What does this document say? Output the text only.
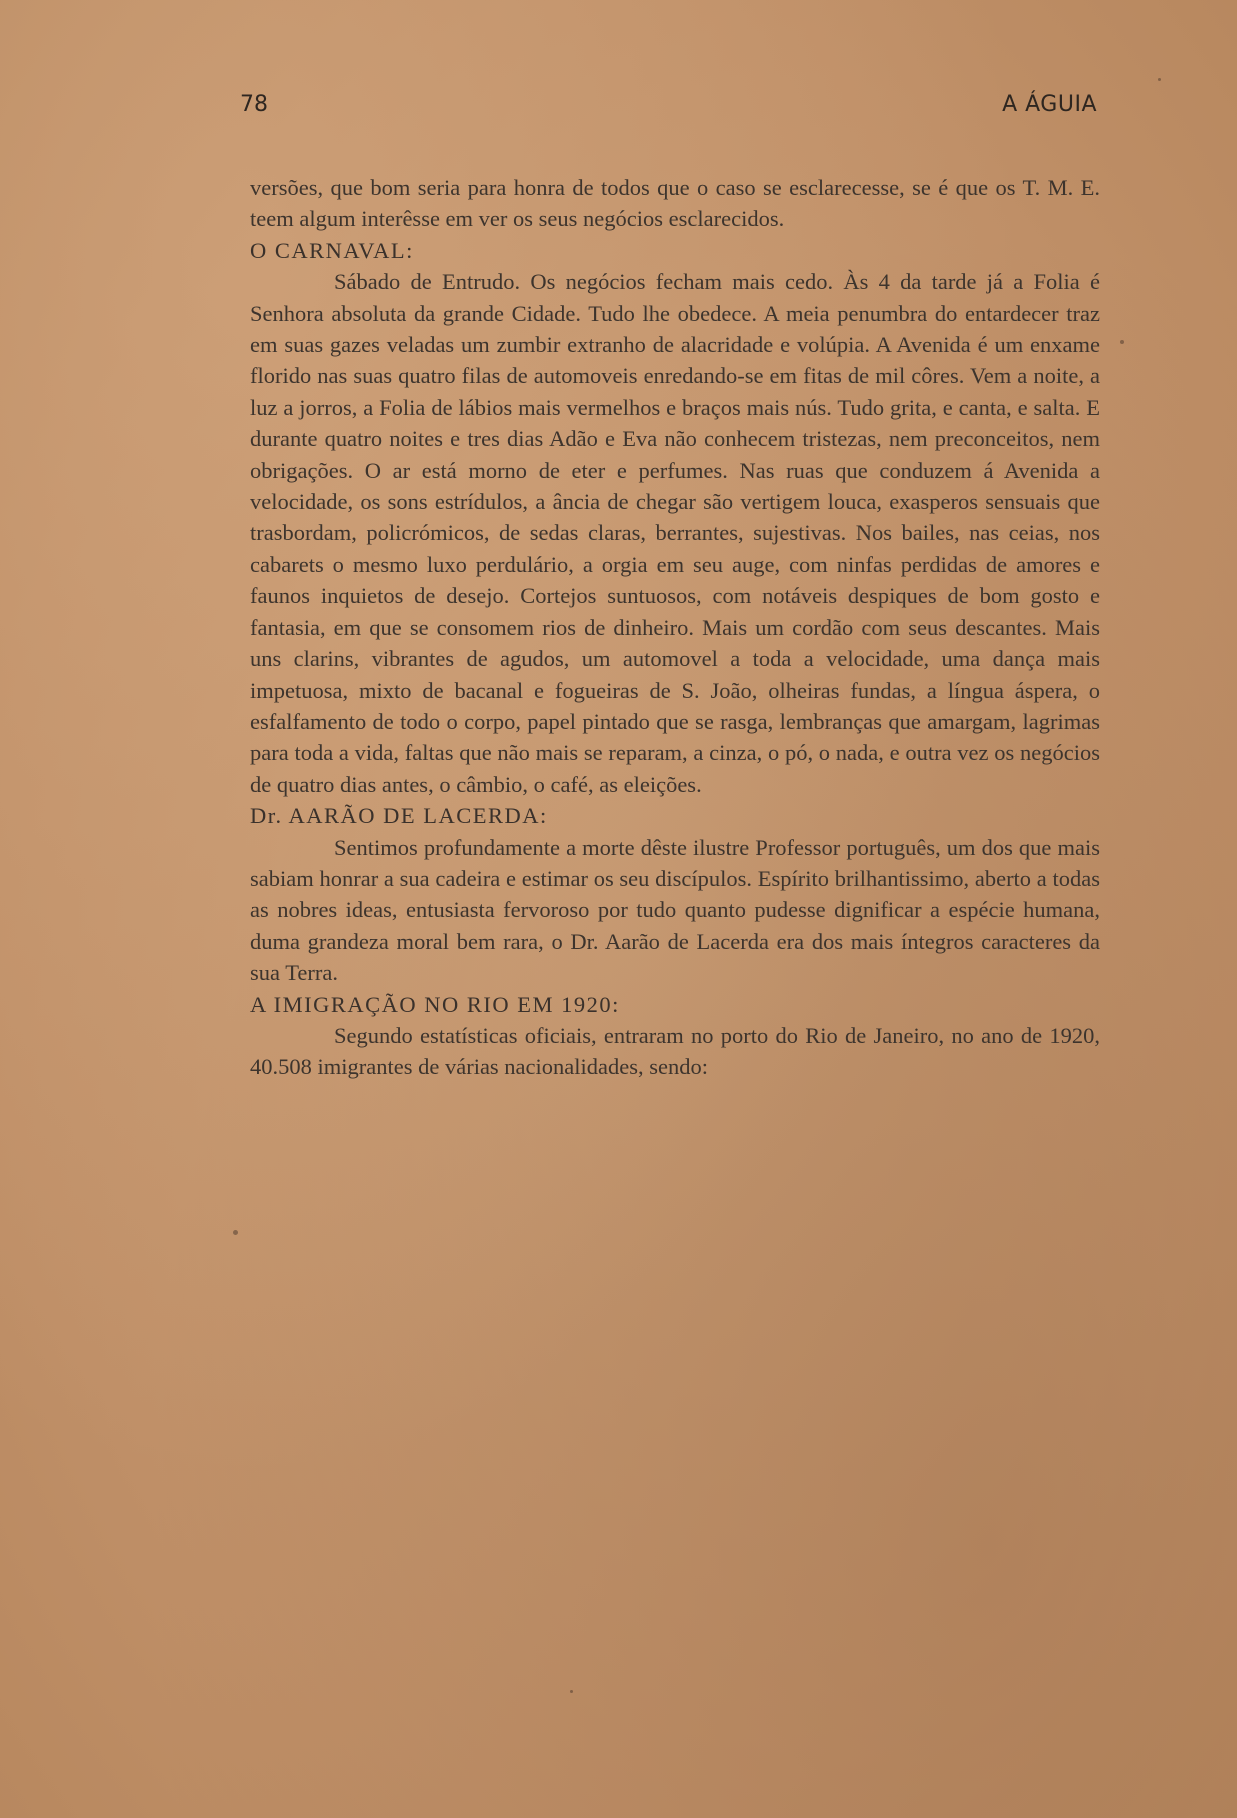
78	A ÁGUIA

versões, que bom seria para honra de todos que o caso se esclarecesse, se é que os T. M. E. teem algum interêsse em ver os seus negócios esclarecidos.

O CARNAVAL:

Sábado de Entrudo. Os negócios fecham mais cedo. Às 4 da tarde já a Folia é Senhora absoluta da grande Cidade. Tudo lhe obedece. A meia penumbra do entardecer traz em suas gazes veladas um zumbir extranho de alacridade e volúpia. A Avenida é um enxame florido nas suas quatro filas de automoveis enredando-se em fitas de mil côres. Vem a noite, a luz a jorros, a Folia de lábios mais vermelhos e braços mais nús. Tudo grita, e canta, e salta. E durante quatro noites e tres dias Adão e Eva não conhecem tristezas, nem preconceitos, nem obrigações. O ar está morno de eter e perfumes. Nas ruas que conduzem á Avenida a velocidade, os sons estrídulos, a ância de chegar são vertigem louca, exasperos sensuais que trasbordam, policrómicos, de sedas claras, berrantes, sujestivas. Nos bailes, nas ceias, nos cabarets o mesmo luxo perdulário, a orgia em seu auge, com ninfas perdidas de amores e faunos inquietos de desejo. Cortejos suntuosos, com notáveis despiques de bom gosto e fantasia, em que se consomem rios de dinheiro. Mais um cordão com seus descantes. Mais uns clarins, vibrantes de agudos, um automovel a toda a velocidade, uma dança mais impetuosa, mixto de bacanal e fogueiras de S. João, olheiras fundas, a língua áspera, o esfalfamento de todo o corpo, papel pintado que se rasga, lembranças que amargam, lagrimas para toda a vida, faltas que não mais se reparam, a cinza, o pó, o nada, e outra vez os negócios de quatro dias antes, o câmbio, o café, as eleições.

Dr. AARÃO DE LACERDA:

Sentimos profundamente a morte dêste ilustre Professor português, um dos que mais sabiam honrar a sua cadeira e estimar os seu discípulos. Espírito brilhantissimo, aberto a todas as nobres ideas, entusiasta fervoroso por tudo quanto pudesse dignificar a espécie humana, duma grandeza moral bem rara, o Dr. Aarão de Lacerda era dos mais íntegros caracteres da sua Terra.

A IMIGRAÇÃO NO RIO EM 1920:

Segundo estatísticas oficiais, entraram no porto do Rio de Janeiro, no ano de 1920, 40.508 imigrantes de várias nacionalidades, sendo:
